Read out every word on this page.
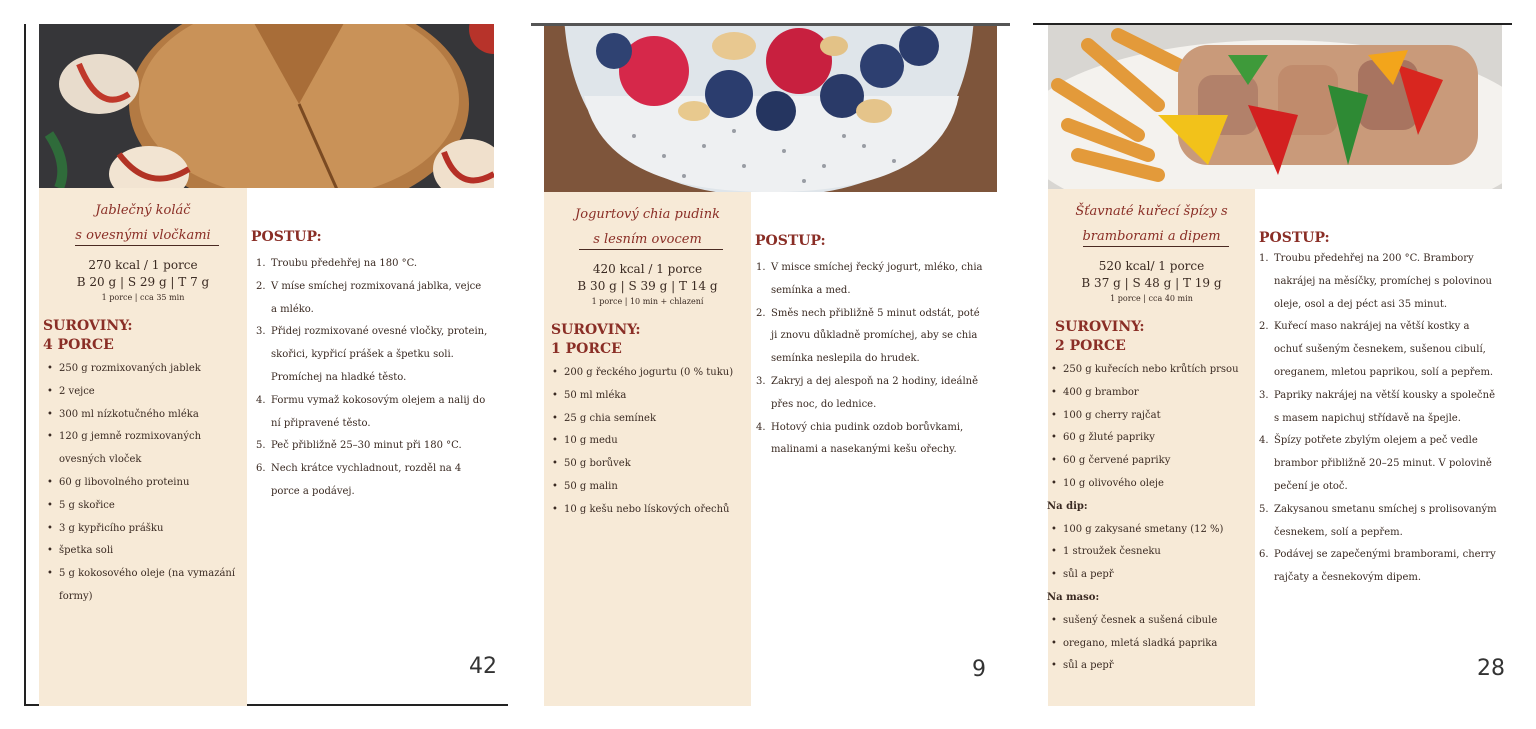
Jablečný koláč
s ovesnými vločkami
270 kcal / 1 porce
B 20 g | S 29 g | T 7 g
1 porce | cca 35 min
SUROVINY:
4 PORCE
• 250 g rozmixovaných jablek
• 2 vejce
• 300 ml nízkotučného mléka
• 120 g jemně rozmixovaných ovesných vloček
• 60 g libovolného proteinu
• 5 g skořice
• 3 g kypřicího prášku
• špetka soli
• 5 g kokosového oleje (na vymazání formy)
POSTUP:
1. Troubu předehřej na 180 °C.
2. V míse smíchej rozmixovaná jablka, vejce a mléko.
3. Přidej rozmixované ovesné vločky, protein, skořici, kypřicí prášek a špetku soli. Promíchej na hladké těsto.
4. Formu vymaž kokosovým olejem a nalij do ní připravené těsto.
5. Peč přibližně 25–30 minut při 180 °C.
6. Nech krátce vychladnout, rozděl na 4 porce a podávej.
42
Jogurtový chia pudink
s lesním ovocem
420 kcal / 1 porce
B 30 g | S 39 g | T 14 g
1 porce | 10 min + chlazení
SUROVINY:
1 PORCE
• 200 g řeckého jogurtu (0 % tuku)
• 50 ml mléka
• 25 g chia semínek
• 10 g medu
• 50 g borůvek
• 50 g malin
• 10 g kešu nebo lískových ořechů
POSTUP:
1. V misce smíchej řecký jogurt, mléko, chia semínka a med.
2. Směs nech přibližně 5 minut odstát, poté ji znovu důkladně promíchej, aby se chia semínka neslepila do hrudek.
3. Zakryj a dej alespoň na 2 hodiny, ideálně přes noc, do lednice.
4. Hotový chia pudink ozdob borůvkami, malinami a nasekanými kešu ořechy.
9
Šťavnaté kuřecí špízy s
bramborami a dipem
520 kcal/ 1 porce
B 37 g | S 48 g | T 19 g
1 porce | cca 40 min
SUROVINY:
2 PORCE
• 250 g kuřecích nebo krůtích prsou
• 400 g brambor
• 100 g cherry rajčat
• 60 g žluté papriky
• 60 g červené papriky
• 10 g olivového oleje
Na dip:
• 100 g zakysané smetany (12 %)
• 1 stroužek česneku
• sůl a pepř
Na maso:
• sušený česnek a sušená cibule
• oregano, mletá sladká paprika
• sůl a pepř
POSTUP:
1. Troubu předehřej na 200 °C. Brambory nakrájej na měsíčky, promíchej s polovinou oleje, osol a dej péct asi 35 minut.
2. Kuřecí maso nakrájej na větší kostky a ochuť sušeným česnekem, sušenou cibulí, oreganem, mletou paprikou, solí a pepřem.
3. Papriky nakrájej na větší kousky a společně s masem napichuj střídavě na špejle.
4. Špízy potřete zbylým olejem a peč vedle brambor přibližně 20–25 minut. V polovině pečení je otoč.
5. Zakysanou smetanu smíchej s prolisovaným česnekem, solí a pepřem.
6. Podávej se zapečenými bramborami, cherry rajčaty a česnekovým dipem.
28
